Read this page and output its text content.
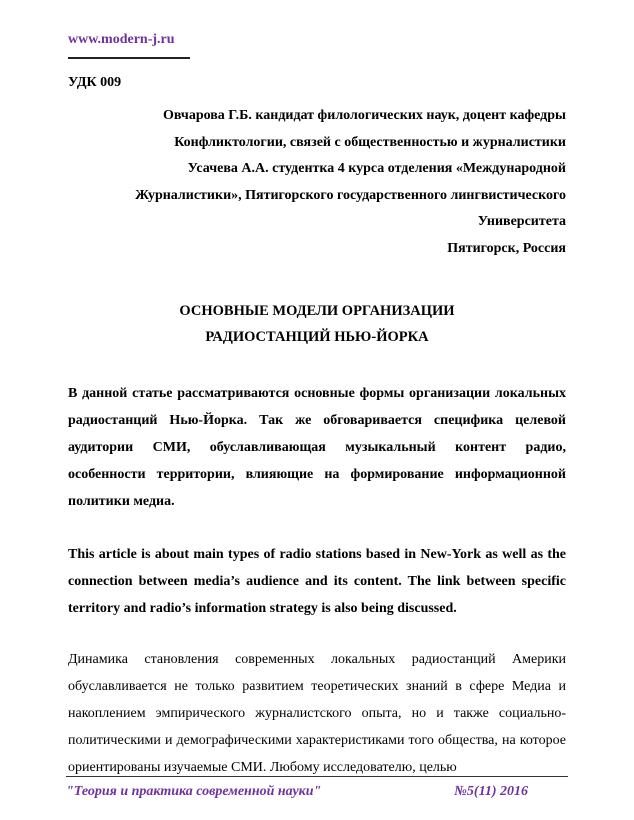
www.modern-j.ru
УДК 009
Овчарова Г.Б. кандидат филологических наук, доцент кафедры
Конфликтологии, связей с общественностью и журналистики
Усачева А.А. студентка 4 курса отделения «Международной
Журналистики», Пятигорского государственного лингвистического
Университета
Пятигорск, Россия
ОСНОВНЫЕ МОДЕЛИ ОРГАНИЗАЦИИ
РАДИОСТАНЦИЙ НЬЮ-ЙОРКА

В данной статье рассматриваются основные формы организации локальных радиостанций Нью-Йорка. Так же обговаривается специфика целевой аудитории СМИ, обуславливающая музыкальный контент радио, особенности территории, влияющие на формирование информационной политики медиа.

This article is about main types of radio stations based in New-York as well as the connection between media’s audience and its content. The link between specific territory and radio’s information strategy is also being discussed.

Динамика становления современных локальных радиостанций Америки обуславливается не только развитием теоретических знаний в сфере Медиа и накоплением эмпирического журналистского опыта, но и также социально-политическими и демографическими характеристиками того общества, на которое ориентированы изучаемые СМИ. Любому исследователю, целью

"Теория и практика современной науки"	№5(11) 2016
